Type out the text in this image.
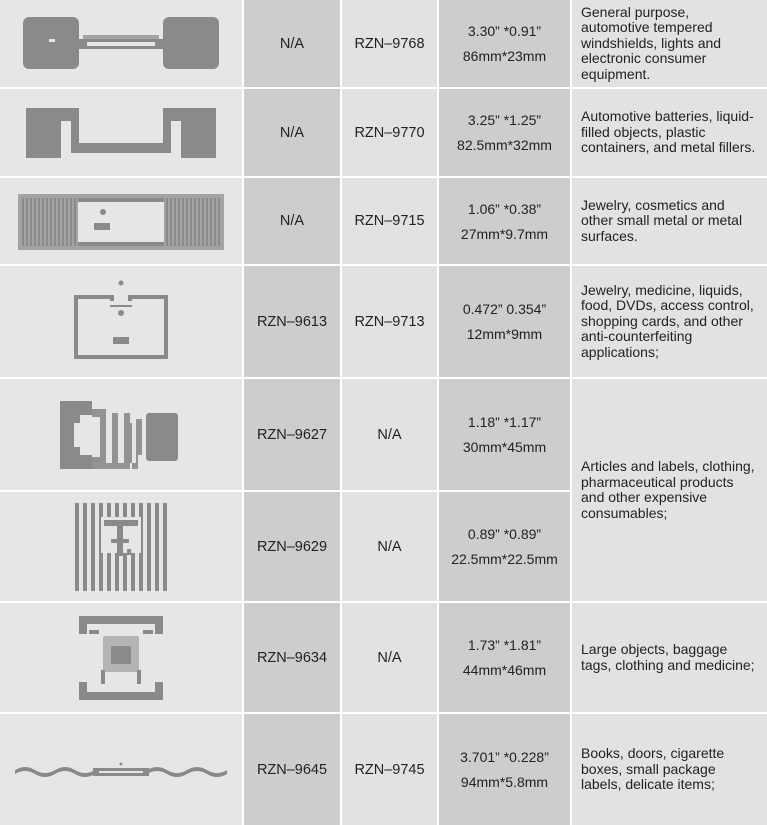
N/A	RZN–9768
3.30” *0.91”
86mm*23mm
General purpose, automotive tempered windshields, lights and electronic consumer equipment.
N/A	RZN–9770
3.25” *1.25”
82.5mm*32mm
Automotive batteries, liquid-filled objects, plastic containers, and metal fillers.
N/A	RZN–9715
1.06” *0.38”
27mm*9.7mm
Jewelry, cosmetics and other small metal or metal surfaces.
RZN–9613	RZN–9713
0.472” 0.354”
12mm*9mm
Jewelry, medicine, liquids, food, DVDs, access control, shopping cards, and other anti-counterfeiting applications;
RZN–9627	N/A
1.18” *1.17”
30mm*45mm
RZN–9629	N/A
0.89” *0.89”
22.5mm*22.5mm
Articles and labels, clothing, pharmaceutical products and other expensive consumables;
RZN–9634	N/A
1.73” *1.81”
44mm*46mm
Large objects, baggage tags, clothing and medicine;
RZN–9645	RZN–9745
3.701” *0.228”
94mm*5.8mm
Books, doors, cigarette boxes, small package labels, delicate items;
